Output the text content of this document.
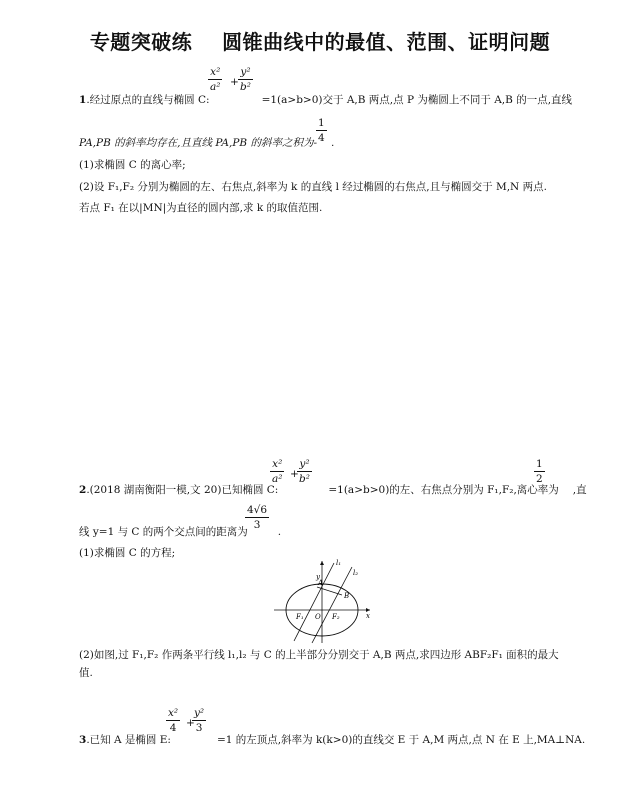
专题突破练    圆锥曲线中的最值、范围、证明问题
$\frac{\text{x²}}{\text{a²}} + \frac{\text{y²}}{\text{b²}}$
1.经过原点的直线与椭圆 C:	=1(a>b>0)交于 A,B 两点,点 P 为椭圆上不同于 A,B 的一点,直线
$\frac{1}{4}$
PA,PB 的斜率均存在,且直线 PA,PB 的斜率之积为- .
(1)求椭圆 C 的离心率;
(2)设 F₁,F₂ 分别为椭圆的左、右焦点,斜率为 k 的直线 l 经过椭圆的右焦点,且与椭圆交于 M,N 两点.
若点 F₁ 在以|MN|为直径的圆内部,求 k 的取值范围.
$\frac{\text{x²}}{\text{a²}}$ +
$\frac{\text{y²}}{\text{b²}}$	$\frac{1}{2}$
2.(2018 湖南衡阳一模,文 20)已知椭圆 C:	=1(a>b>0)的左、右焦点分别为 F₁,F₂,离心率为 ,直
$\frac{4√6}{3}$
线 y=1 与 C 的两个交点间的距离为	.
(1)求椭圆 C 的方程;
y
x
A
B
O
F₁	F₂
l₁
l₂
(2)如图,过 F₁,F₂ 作两条平行线 l₁,l₂ 与 C 的上半部分分别交于 A,B 两点,求四边形 ABF₂F₁ 面积的最大
值.
$\frac{\text{x²}}{4}$ +
$\frac{\text{y²}}{3}$
3.已知 A 是椭圆 E:	=1 的左顶点,斜率为 k(k>0)的直线交 E 于 A,M 两点,点 N 在 E 上,MA⊥NA.
